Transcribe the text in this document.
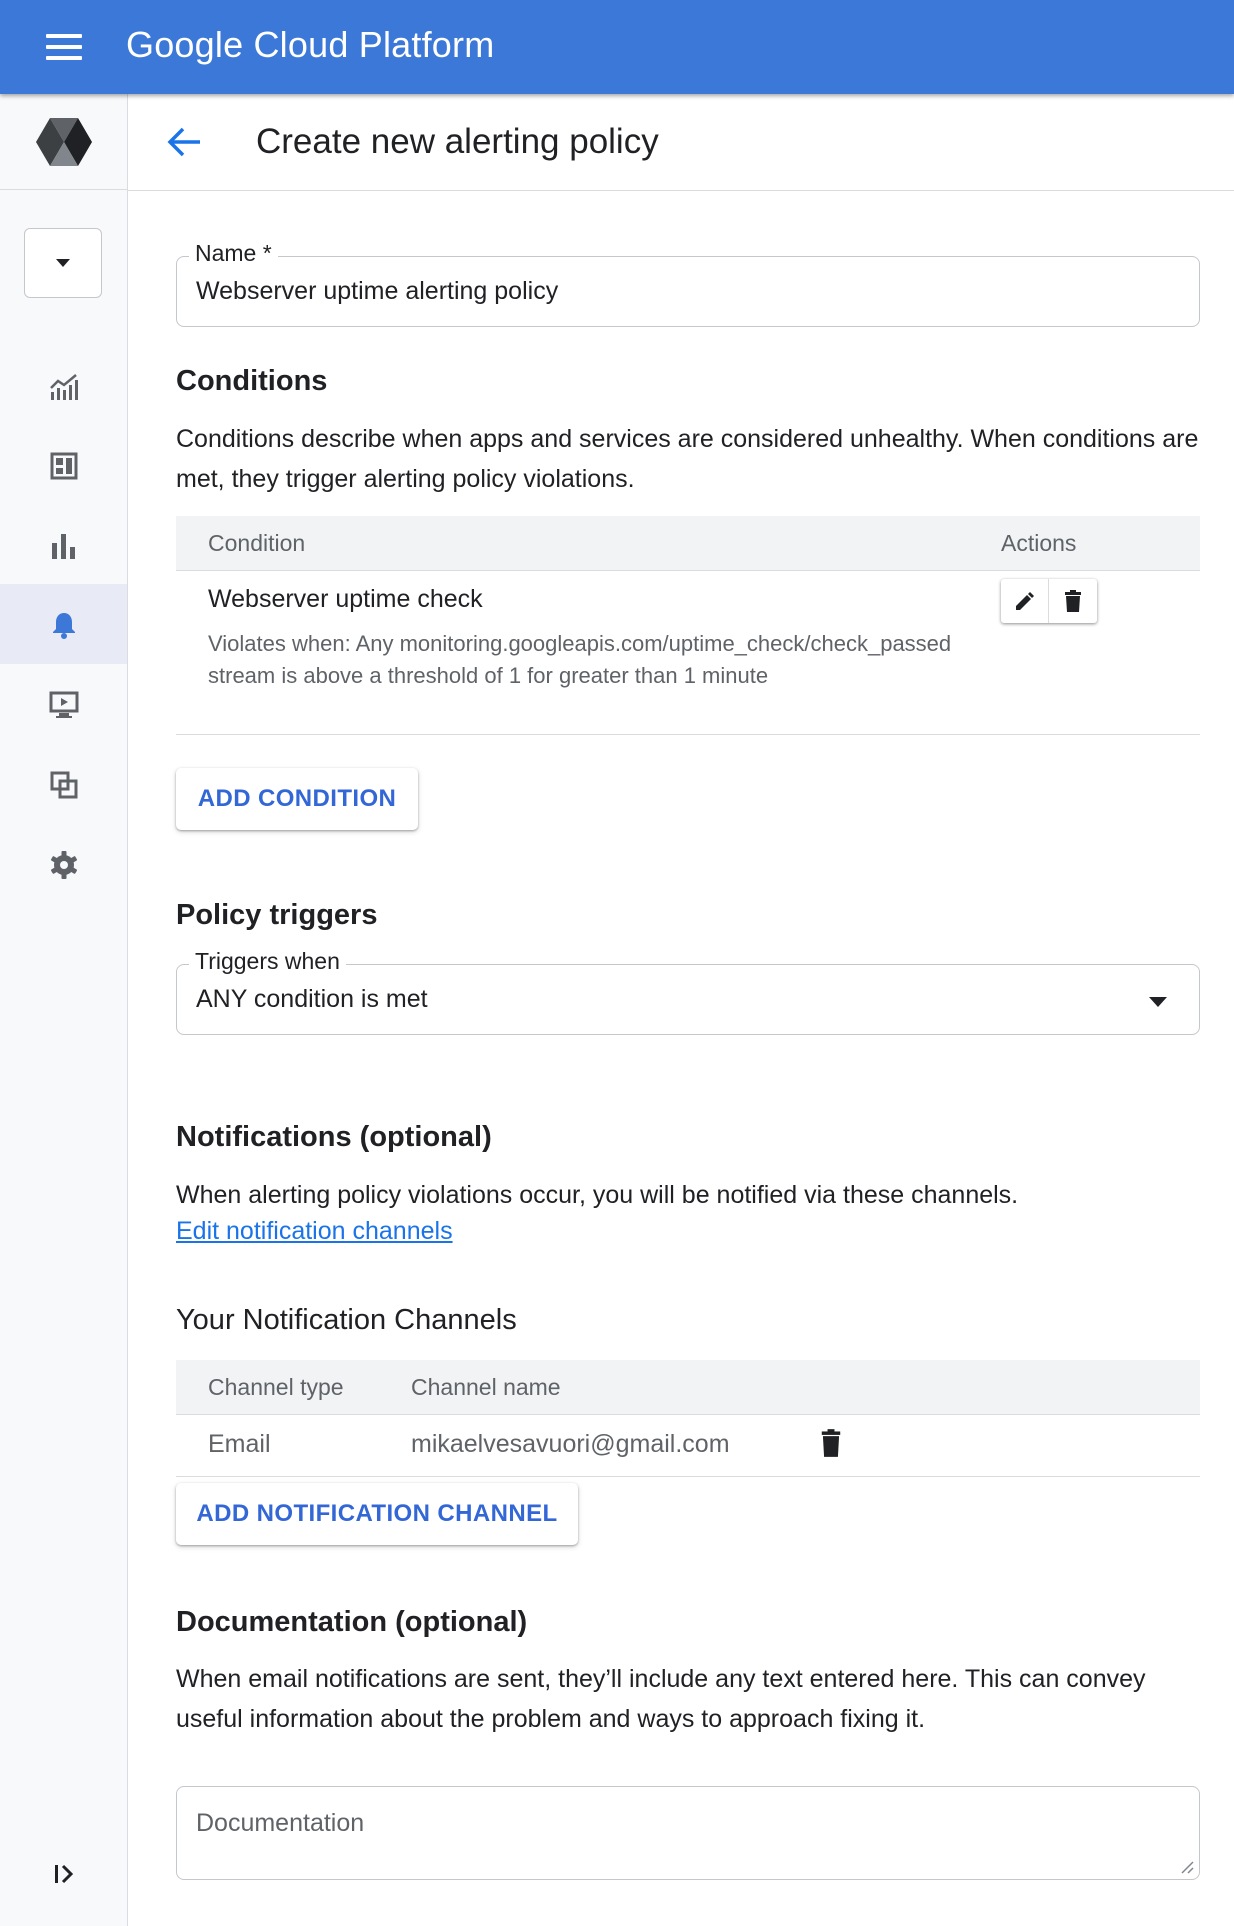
Google Cloud Platform
Create new alerting policy
Name *
Webserver uptime alerting policy
Conditions
Conditions describe when apps and services are considered unhealthy. When conditions are met, they trigger alerting policy violations.
Condition	Actions
Webserver uptime check
Violates when: Any monitoring.googleapis.com/uptime_check/check_passed stream is above a threshold of 1 for greater than 1 minute
ADD CONDITION
Policy triggers
Triggers when
ANY condition is met
Notifications (optional)
When alerting policy violations occur, you will be notified via these channels.
Edit notification channels
Your Notification Channels
Channel type	Channel name
Email	mikaelvesavuori@gmail.com
ADD NOTIFICATION CHANNEL
Documentation (optional)
When email notifications are sent, they’ll include any text entered here. This can convey useful information about the problem and ways to approach fixing it.
Documentation
